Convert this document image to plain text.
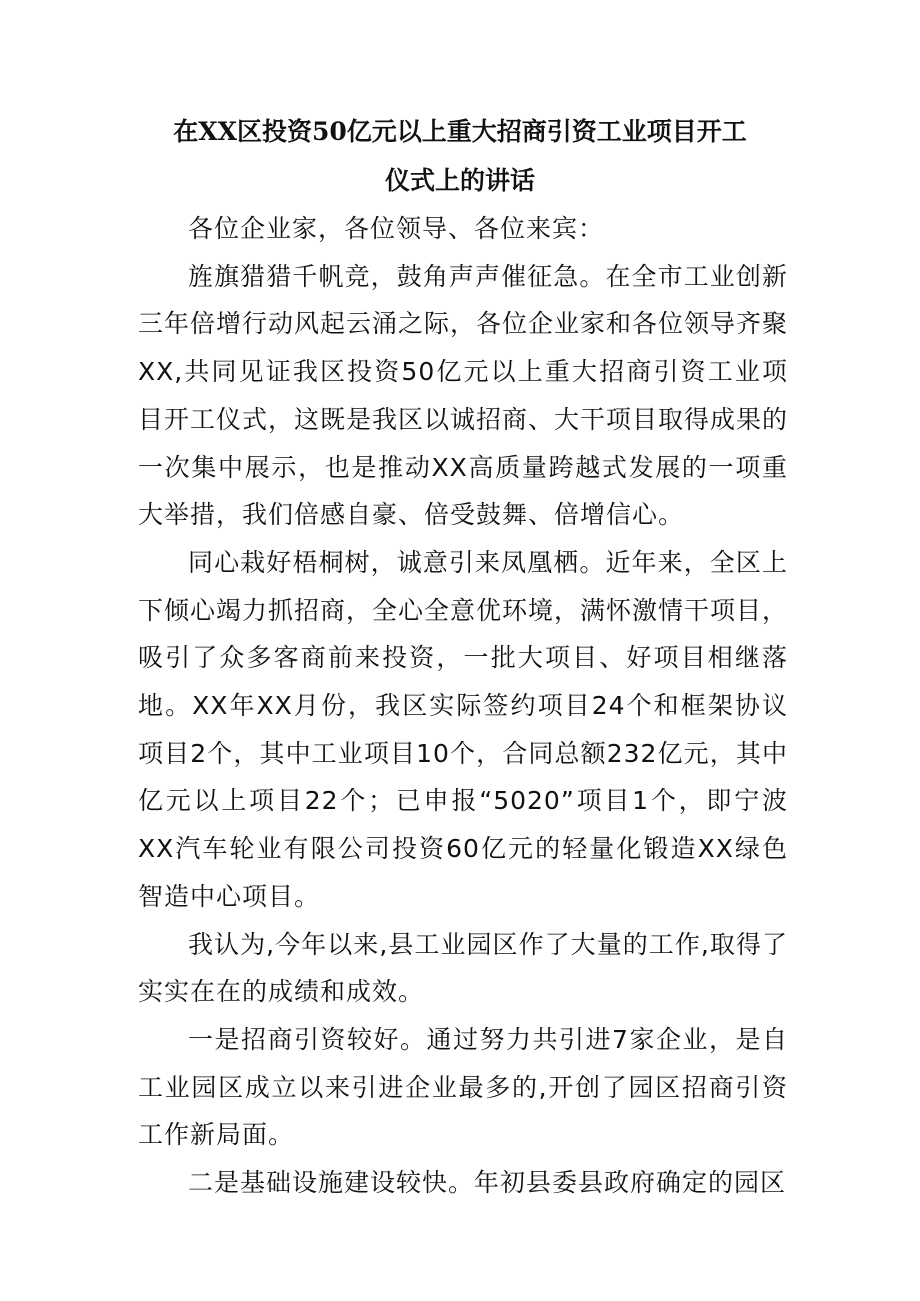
在XX区投资50亿元以上重大招商引资工业项目开工
仪式上的讲话

各位企业家，各位领导、各位来宾：

旌旗猎猎千帆竞，鼓角声声催征急。在全市工业创新三年倍增行动风起云涌之际，各位企业家和各位领导齐聚XX,共同见证我区投资50亿元以上重大招商引资工业项目开工仪式，这既是我区以诚招商、大干项目取得成果的一次集中展示，也是推动XX高质量跨越式发展的一项重大举措，我们倍感自豪、倍受鼓舞、倍增信心。

同心栽好梧桐树，诚意引来凤凰栖。近年来，全区上下倾心竭力抓招商，全心全意优环境，满怀激情干项目，吸引了众多客商前来投资，一批大项目、好项目相继落地。XX年XX月份，我区实际签约项目24个和框架协议项目2个，其中工业项目10个，合同总额232亿元，其中亿元以上项目22个；已申报“5020”项目1个，即宁波XX汽车轮业有限公司投资60亿元的轻量化锻造XX绿色智造中心项目。

我认为,今年以来,县工业园区作了大量的工作,取得了实实在在的成绩和成效。

一是招商引资较好。通过努力共引进7家企业，是自工业园区成立以来引进企业最多的,开创了园区招商引资工作新局面。

二是基础设施建设较快。年初县委县政府确定的园区
